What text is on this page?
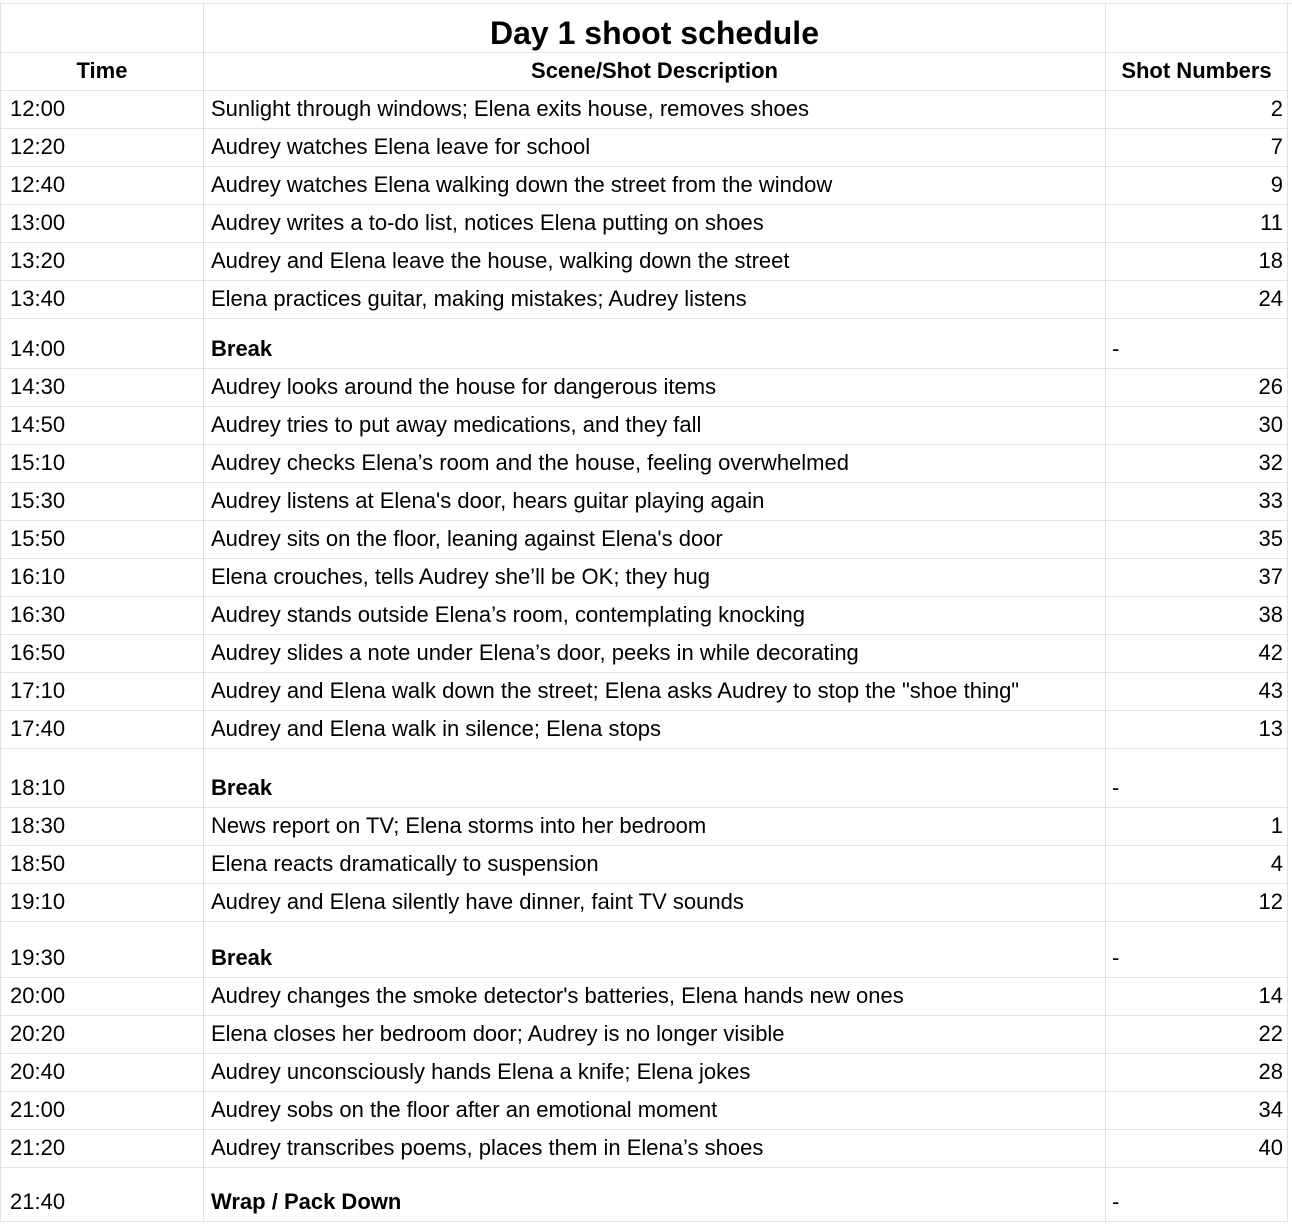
Day 1 shoot schedule
Time	Scene/Shot Description	Shot Numbers
12:00	Sunlight through windows; Elena exits house, removes shoes	2
12:20	Audrey watches Elena leave for school	7
12:40	Audrey watches Elena walking down the street from the window	9
13:00	Audrey writes a to-do list, notices Elena putting on shoes	11
13:20	Audrey and Elena leave the house, walking down the street	18
13:40	Elena practices guitar, making mistakes; Audrey listens	24
14:00	Break	-
14:30	Audrey looks around the house for dangerous items	26
14:50	Audrey tries to put away medications, and they fall	30
15:10	Audrey checks Elena’s room and the house, feeling overwhelmed	32
15:30	Audrey listens at Elena's door, hears guitar playing again	33
15:50	Audrey sits on the floor, leaning against Elena's door	35
16:10	Elena crouches, tells Audrey she’ll be OK; they hug	37
16:30	Audrey stands outside Elena’s room, contemplating knocking	38
16:50	Audrey slides a note under Elena’s door, peeks in while decorating	42
17:10	Audrey and Elena walk down the street; Elena asks Audrey to stop the "shoe thing"	43
17:40	Audrey and Elena walk in silence; Elena stops	13
18:10	Break	-
18:30	News report on TV; Elena storms into her bedroom	1
18:50	Elena reacts dramatically to suspension	4
19:10	Audrey and Elena silently have dinner, faint TV sounds	12
19:30	Break	-
20:00	Audrey changes the smoke detector's batteries, Elena hands new ones	14
20:20	Elena closes her bedroom door; Audrey is no longer visible	22
20:40	Audrey unconsciously hands Elena a knife; Elena jokes	28
21:00	Audrey sobs on the floor after an emotional moment	34
21:20	Audrey transcribes poems, places them in Elena’s shoes	40
21:40	Wrap / Pack Down	-
